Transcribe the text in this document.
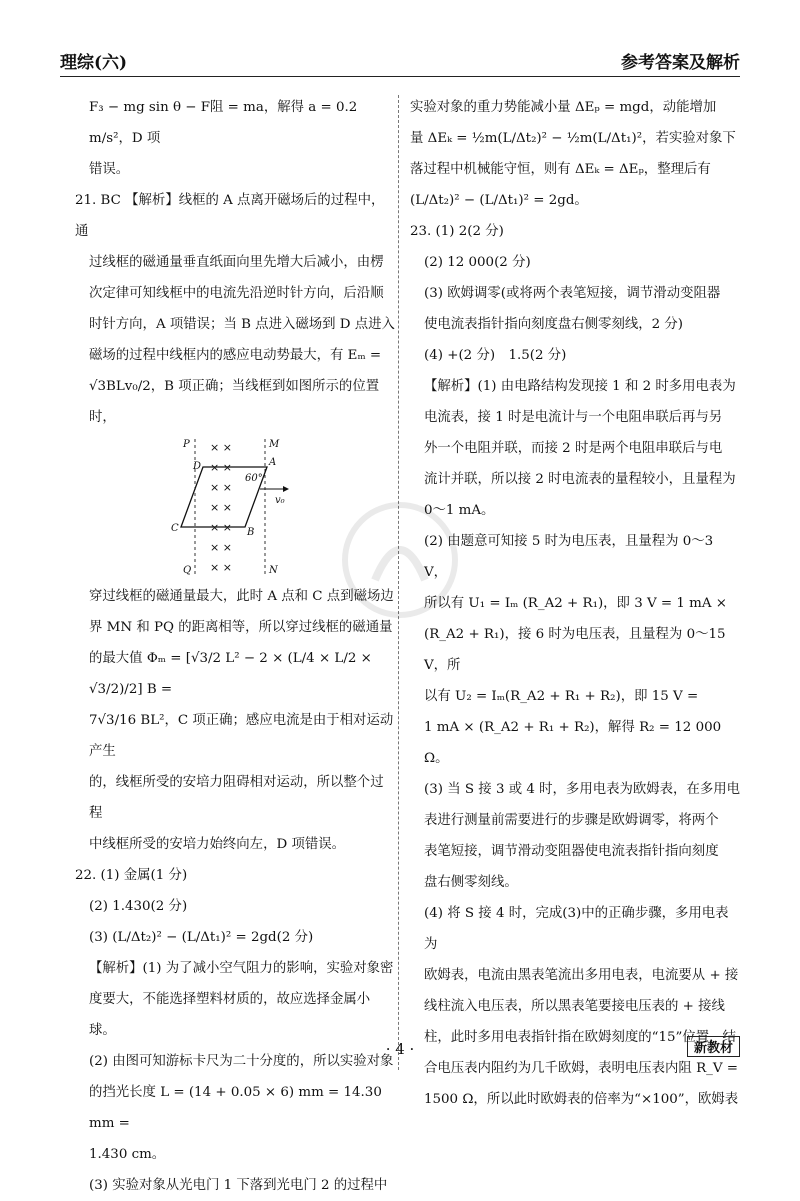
理综(六)	参考答案及解析

F₃ − mg sin θ − F阻 = ma，解得 a = 0.2 m/s²，D 项

错误。

21. BC 【解析】线框的 A 点离开磁场后的过程中，通

过线框的磁通量垂直纸面向里先增大后减小，由楞

次定律可知线框中的电流先沿逆时针方向，后沿顺

时针方向，A 项错误；当 B 点进入磁场到 D 点进入

磁场的过程中线框内的感应电动势最大，有 Eₘ =

√3BLv₀/2，B 项正确；当线框到如图所示的位置时，

× ×
× ×
× ×
× ×
× ×
× ×
× ×
P	M
D	A
60°
v₀
C	B
Q	N

穿过线框的磁通量最大，此时 A 点和 C 点到磁场边

界 MN 和 PQ 的距离相等，所以穿过线框的磁通量

的最大值 Φₘ = [√3/2 L² − 2 × (L/4 × L/2 × √3/2)/2] B =

7√3/16 BL²，C 项正确；感应电流是由于相对运动产生

的，线框所受的安培力阻碍相对运动，所以整个过程

中线框所受的安培力始终向左，D 项错误。

22. (1) 金属(1 分)

(2) 1.430(2 分)

(3) (L/Δt₂)² − (L/Δt₁)² = 2gd(2 分)

【解析】(1) 为了减小空气阻力的影响，实验对象密

度要大，不能选择塑料材质的，故应选择金属小球。

(2) 由图可知游标卡尺为二十分度的，所以实验对象

的挡光长度 L = (14 + 0.05 × 6) mm = 14.30 mm =

1.430 cm。

(3) 实验对象从光电门 1 下落到光电门 2 的过程中

实验对象的重力势能减小量 ΔEₚ = mgd，动能增加

量 ΔEₖ = ½m(L/Δt₂)² − ½m(L/Δt₁)²，若实验对象下

落过程中机械能守恒，则有 ΔEₖ = ΔEₚ，整理后有

(L/Δt₂)² − (L/Δt₁)² = 2gd。

23. (1) 2(2 分)

(2) 12 000(2 分)

(3) 欧姆调零(或将两个表笔短接，调节滑动变阻器

使电流表指针指向刻度盘右侧零刻线，2 分)

(4) +(2 分)　1.5(2 分)

【解析】(1) 由电路结构发现接 1 和 2 时多用电表为

电流表，接 1 时是电流计与一个电阻串联后再与另

外一个电阻并联，而接 2 时是两个电阻串联后与电

流计并联，所以接 2 时电流表的量程较小，且量程为

0～1 mA。

(2) 由题意可知接 5 时为电压表，且量程为 0～3 V，

所以有 U₁ = Iₘ (R_A2 + R₁)，即 3 V = 1 mA ×

(R_A2 + R₁)，接 6 时为电压表，且量程为 0～15 V，所

以有 U₂ = Iₘ(R_A2 + R₁ + R₂)，即 15 V =

1 mA × (R_A2 + R₁ + R₂)，解得 R₂ = 12 000 Ω。

(3) 当 S 接 3 或 4 时，多用电表为欧姆表，在多用电

表进行测量前需要进行的步骤是欧姆调零，将两个

表笔短接，调节滑动变阻器使电流表指针指向刻度

盘右侧零刻线。

(4) 将 S 接 4 时，完成(3)中的正确步骤，多用电表为

欧姆表，电流由黑表笔流出多用电表，电流要从 + 接

线柱流入电压表，所以黑表笔要接电压表的 + 接线

柱，此时多用电表指针指在欧姆刻度的“15”位置，结

合电压表内阻约为几千欧姆，表明电压表内阻 R_V =

1500 Ω，所以此时欧姆表的倍率为“×100”，欧姆表

· 4 ·	新教材
